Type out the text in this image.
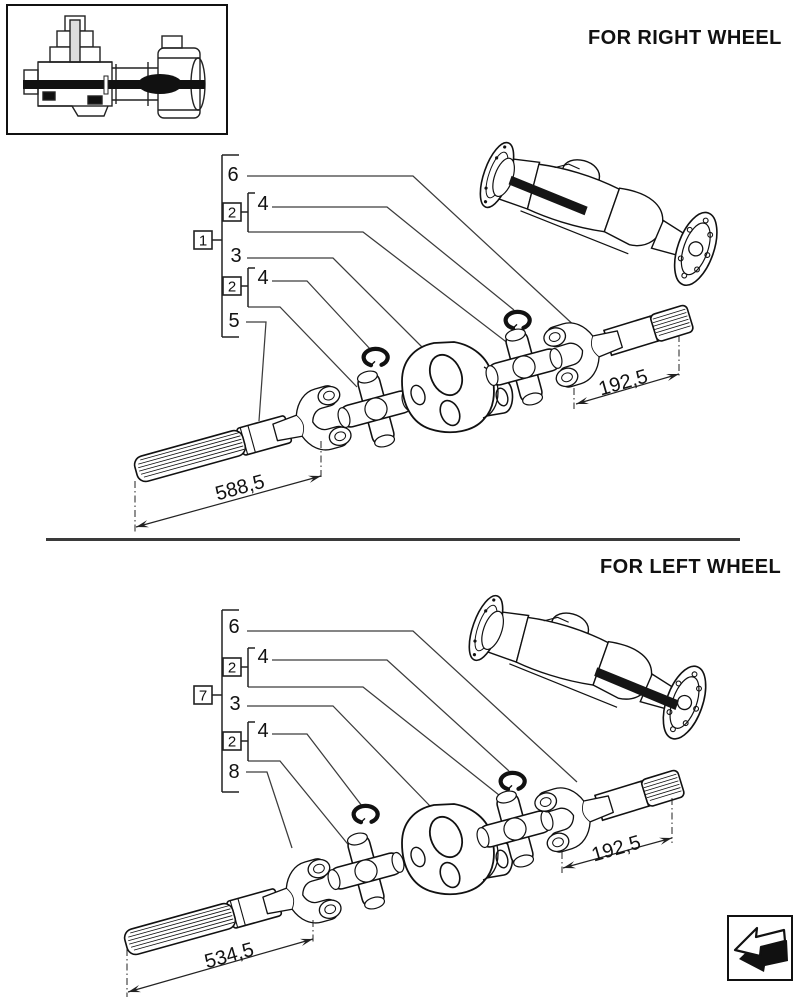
FOR RIGHT WHEEL
FOR LEFT WHEEL
1
2
2
6
4
3
4
5
588,5
192,5
7
2
2
6
4
3
4
8
534,5
192,5
